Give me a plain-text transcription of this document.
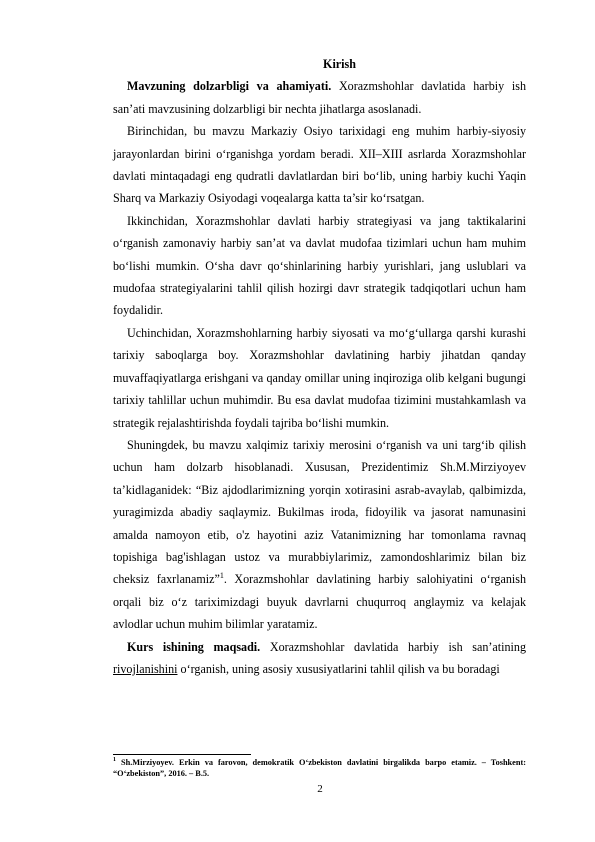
Kirish

Mavzuning dolzarbligi va ahamiyati. Xorazmshohlar davlatida harbiy ish san’ati mavzusining dolzarbligi bir nechta jihatlarga asoslanadi.

Birinchidan, bu mavzu Markaziy Osiyo tarixidagi eng muhim harbiy-siyosiy jarayonlardan birini o‘rganishga yordam beradi. XII–XIII asrlarda Xorazmshohlar davlati mintaqadagi eng qudratli davlatlardan biri bo‘lib, uning harbiy kuchi Yaqin Sharq va Markaziy Osiyodagi voqealarga katta ta’sir ko‘rsatgan.

Ikkinchidan, Xorazmshohlar davlati harbiy strategiyasi va jang taktikalarini o‘rganish zamonaviy harbiy san’at va davlat mudofaa tizimlari uchun ham muhim bo‘lishi mumkin. O‘sha davr qo‘shinlarining harbiy yurishlari, jang uslublari va mudofaa strategiyalarini tahlil qilish hozirgi davr strategik tadqiqotlari uchun ham foydalidir.

Uchinchidan, Xorazmshohlarning harbiy siyosati va mo‘g‘ullarga qarshi kurashi tarixiy saboqlarga boy. Xorazmshohlar davlatining harbiy jihatdan qanday muvaffaqiyatlarga erishgani va qanday omillar uning inqiroziga olib kelgani bugungi tarixiy tahlillar uchun muhimdir. Bu esa davlat mudofaa tizimini mustahkamlash va strategik rejalashtirishda foydali tajriba bo‘lishi mumkin.

Shuningdek, bu mavzu xalqimiz tarixiy merosini o‘rganish va uni targ‘ib qilish uchun ham dolzarb hisoblanadi. Xususan, Prezidentimiz Sh.M.Mirziyoyev ta’kidlaganidek: “Biz ajdodlarimizning yorqin xotirasini asrab-avaylab, qalbimizda, yuragimizda abadiy saqlaymiz. Bukilmas iroda, fidoyilik va jasorat namunasini amalda namoyon etib, o'z hayotini aziz Vatanimizning har tomonlama ravnaq topishiga bag'ishlagan ustoz va murabbiylarimiz, zamondoshlarimiz bilan biz cheksiz faxrlanamiz”$^1$. Xorazmshohlar davlatining harbiy salohiyatini o‘rganish orqali biz o‘z tariximizdagi buyuk davrlarni chuqurroq anglaymiz va kelajak avlodlar uchun muhim bilimlar yaratamiz.

Kurs ishining maqsadi. Xorazmshohlar davlatida harbiy ish san’atining rivojlanishini o‘rganish, uning asosiy xususiyatlarini tahlil qilish va bu boradagi

$^1$ Sh.Mirziyoyev. Erkin va farovon, demokratik O‘zbekiston davlatini birgalikda barpo etamiz. – Toshkent: “O‘zbekiston”, 2016. – B.5.
2
